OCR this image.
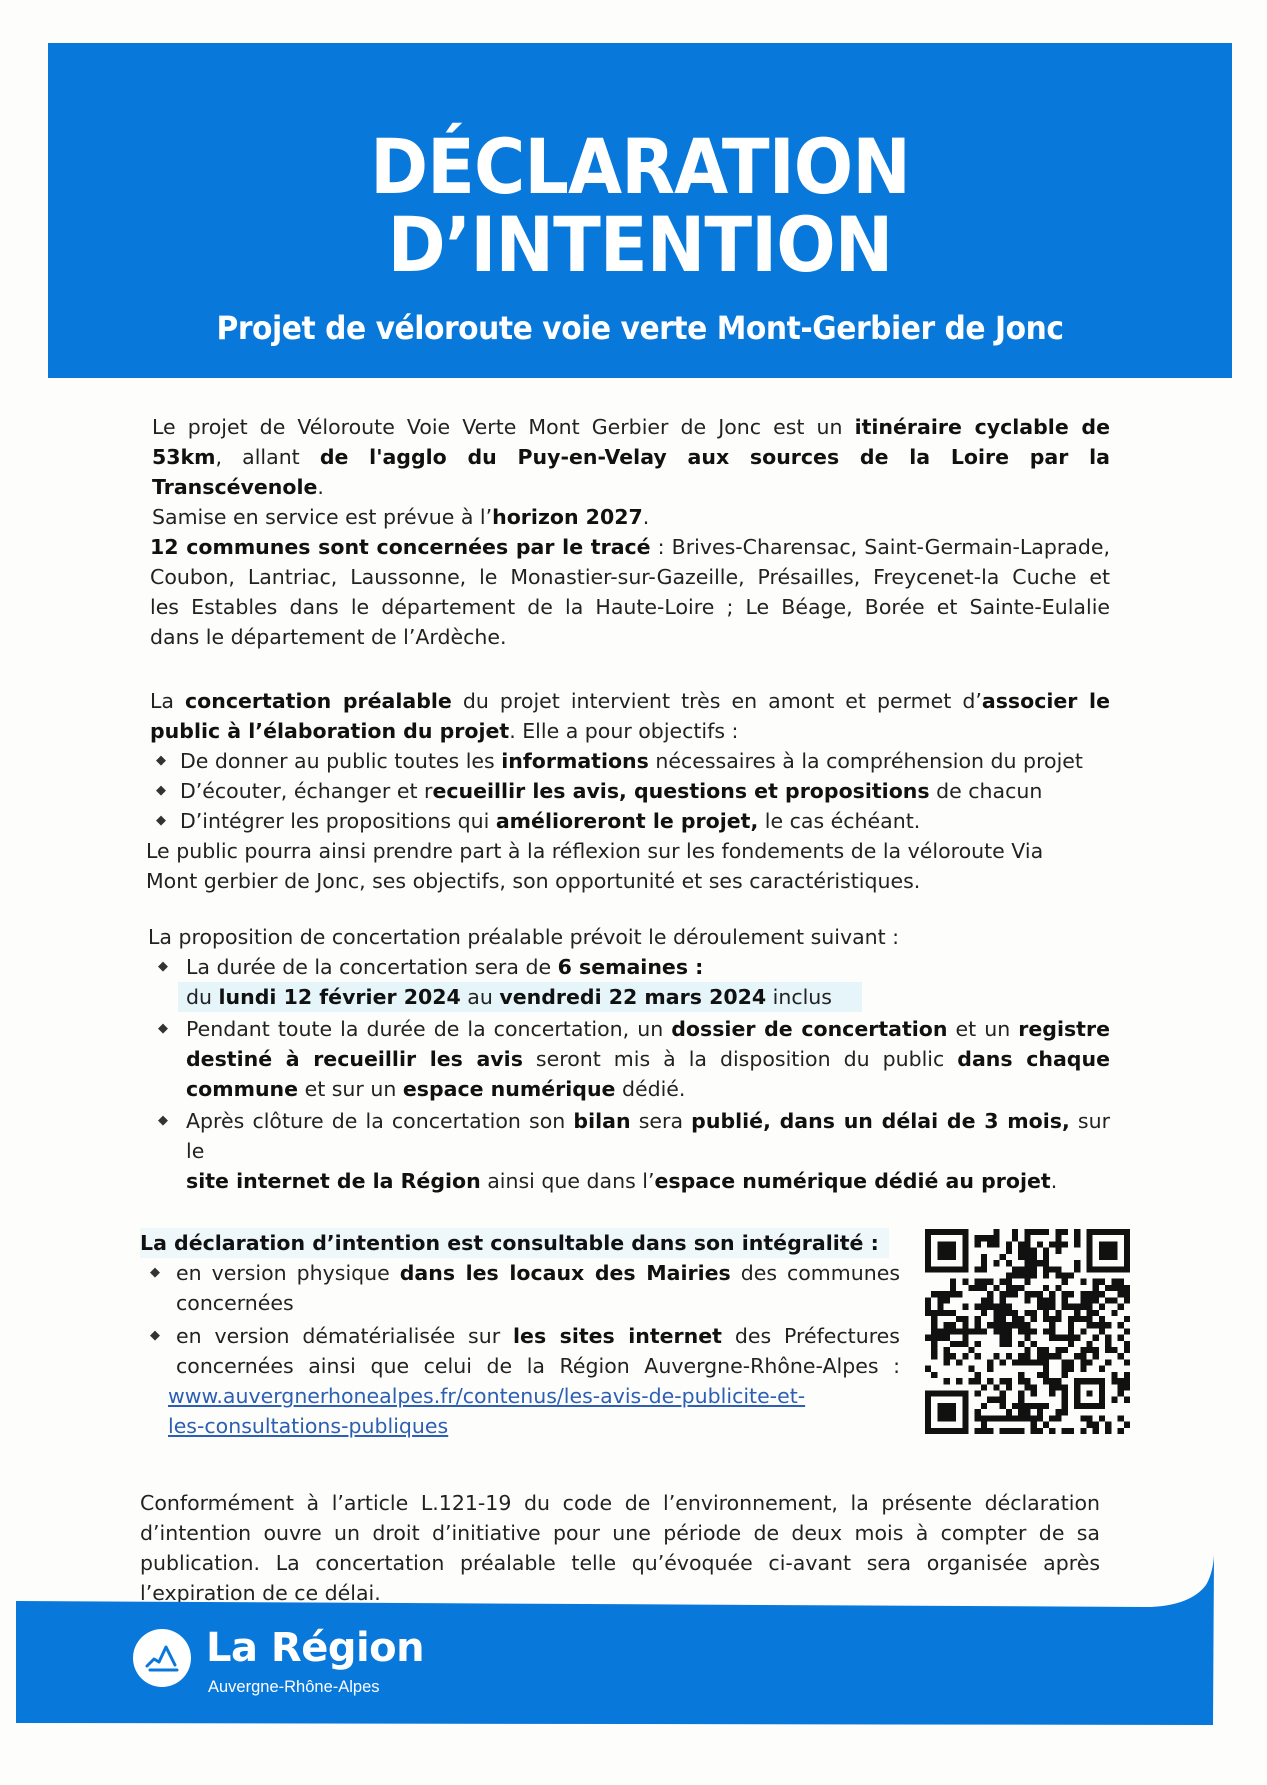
DÉCLARATION
D’INTENTION
Projet de véloroute voie verte Mont-Gerbier de Jonc
Le projet de Véloroute Voie Verte Mont Gerbier de Jonc est un itinéraire cyclable de
53km, allant de l'agglo du Puy-en-Velay aux sources de la Loire par la Transcévenole.
Samise en service est prévue à l’horizon 2027.
12 communes sont concernées par le tracé : Brives-Charensac, Saint-Germain-Laprade,
Coubon, Lantriac, Laussonne, le Monastier-sur-Gazeille, Présailles, Freycenet-la Cuche et
les Estables dans le département de la Haute-Loire ; Le Béage, Borée et Sainte-Eulalie
dans le département de l’Ardèche.
La concertation préalable du projet intervient très en amont et permet d’associer le
public à l’élaboration du projet. Elle a pour objectifs :
◆ De donner au public toutes les informations nécessaires à la compréhension du projet
◆ D’écouter, échanger et recueillir les avis, questions et propositions de chacun
◆ D’intégrer les propositions qui amélioreront le projet, le cas échéant.
Le public pourra ainsi prendre part à la réflexion sur les fondements de la véloroute Via
Mont gerbier de Jonc, ses objectifs, son opportunité et ses caractéristiques.
La proposition de concertation préalable prévoit le déroulement suivant :
◆ La durée de la concertation sera de 6 semaines :
du lundi 12 février 2024 au vendredi 22 mars 2024 inclus
◆ Pendant toute la durée de la concertation, un dossier de concertation et un registre
destiné à recueillir les avis seront mis à la disposition du public dans chaque
commune et sur un espace numérique dédié.
◆ Après clôture de la concertation son bilan sera publié, dans un délai de 3 mois, sur le
site internet de la Région ainsi que dans l’espace numérique dédié au projet.
La déclaration d’intention est consultable dans son intégralité :
◆ en version physique dans les locaux des Mairies des communes
concernées
◆ en version dématérialisée sur les sites internet des Préfectures
concernées ainsi que celui de la Région Auvergne-Rhône-Alpes :
www.auvergnerhonealpes.fr/contenus/les-avis-de-publicite-et-
les-consultations-publiques
Conformément à l’article L.121-19 du code de l’environnement, la présente déclaration
d’intention ouvre un droit d’initiative pour une période de deux mois à compter de sa
publication. La concertation préalable telle qu’évoquée ci-avant sera organisée après
l’expiration de ce délai.
La Région
Auvergne-Rhône-Alpes
